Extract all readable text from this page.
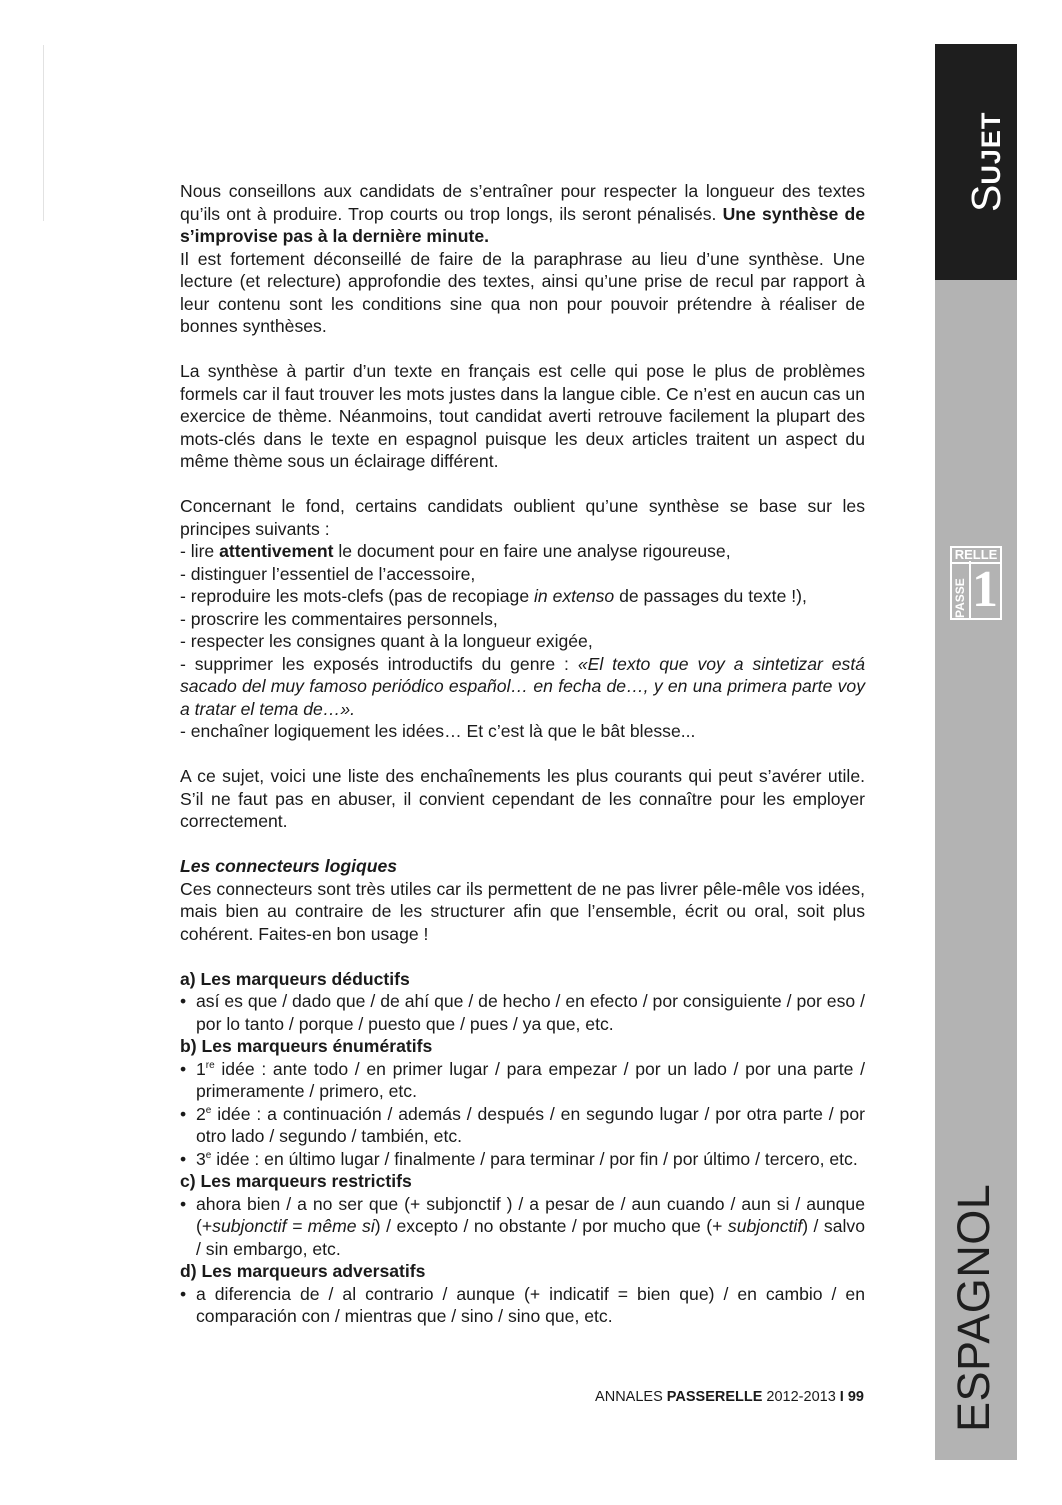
SUJET
RELLE
PASSE 1
ESPAGNOL

Nous conseillons aux candidats de s’entraîner pour respecter la longueur des textes qu’ils ont à produire. Trop courts ou trop longs, ils seront pénalisés. Une synthèse de s’improvise pas à la dernière minute.

Il est fortement déconseillé de faire de la paraphrase au lieu d’une synthèse. Une lecture (et relecture) approfondie des textes, ainsi qu’une prise de recul par rapport à leur contenu sont les conditions sine qua non pour pouvoir prétendre à réaliser de bonnes synthèses.

La synthèse à partir d’un texte en français est celle qui pose le plus de problèmes formels car il faut trouver les mots justes dans la langue cible. Ce n’est en aucun cas un exercice de thème. Néanmoins, tout candidat averti retrouve facilement la plupart des mots-clés dans le texte en espagnol puisque les deux articles traitent un aspect du même thème sous un éclairage différent.

Concernant le fond, certains candidats oublient qu’une synthèse se base sur les principes suivants :

- lire attentivement le document pour en faire une analyse rigoureuse,
- distinguer l’essentiel de l’accessoire,
- reproduire les mots-clefs (pas de recopiage in extenso de passages du texte !),
- proscrire les commentaires personnels,
- respecter les consignes quant à la longueur exigée,
- supprimer les exposés introductifs du genre : «El texto que voy a sintetizar está sacado del muy famoso periódico español… en fecha de…, y en una primera parte voy a tratar el tema de…».
- enchaîner logiquement les idées… Et c’est là que le bât blesse...

A ce sujet, voici une liste des enchaînements les plus courants qui peut s’avérer utile. S’il ne faut pas en abuser, il convient cependant de les connaître pour les employer correctement.

Les connecteurs logiques

Ces connecteurs sont très utiles car ils permettent de ne pas livrer pêle-mêle vos idées, mais bien au contraire de les structurer afin que l’ensemble, écrit ou oral, soit plus cohérent. Faites-en bon usage !

a) Les marqueurs déductifs

• así es que / dado que / de ahí que / de hecho / en efecto / por consiguiente / por eso / por lo tanto / porque / puesto que / pues / ya que, etc.

b) Les marqueurs énumératifs

• 1re idée : ante todo / en primer lugar / para empezar / por un lado / por una parte / primeramente / primero, etc.
• 2e idée : a continuación / además / después / en segundo lugar / por otra parte / por otro lado / segundo / también, etc.
• 3e idée : en último lugar / finalmente / para terminar / por fin / por último / tercero, etc.

c) Les marqueurs restrictifs

• ahora bien / a no ser que (+ subjonctif ) / a pesar de / aun cuando / aun si / aunque (+subjonctif = même si) / excepto / no obstante / por mucho que (+ subjonctif) / salvo / sin embargo, etc.

d) Les marqueurs adversatifs

• a diferencia de / al contrario / aunque (+ indicatif = bien que) / en cambio / en comparación con / mientras que / sino / sino que, etc.
ANNALES PASSERELLE 2012-2013 I 99
